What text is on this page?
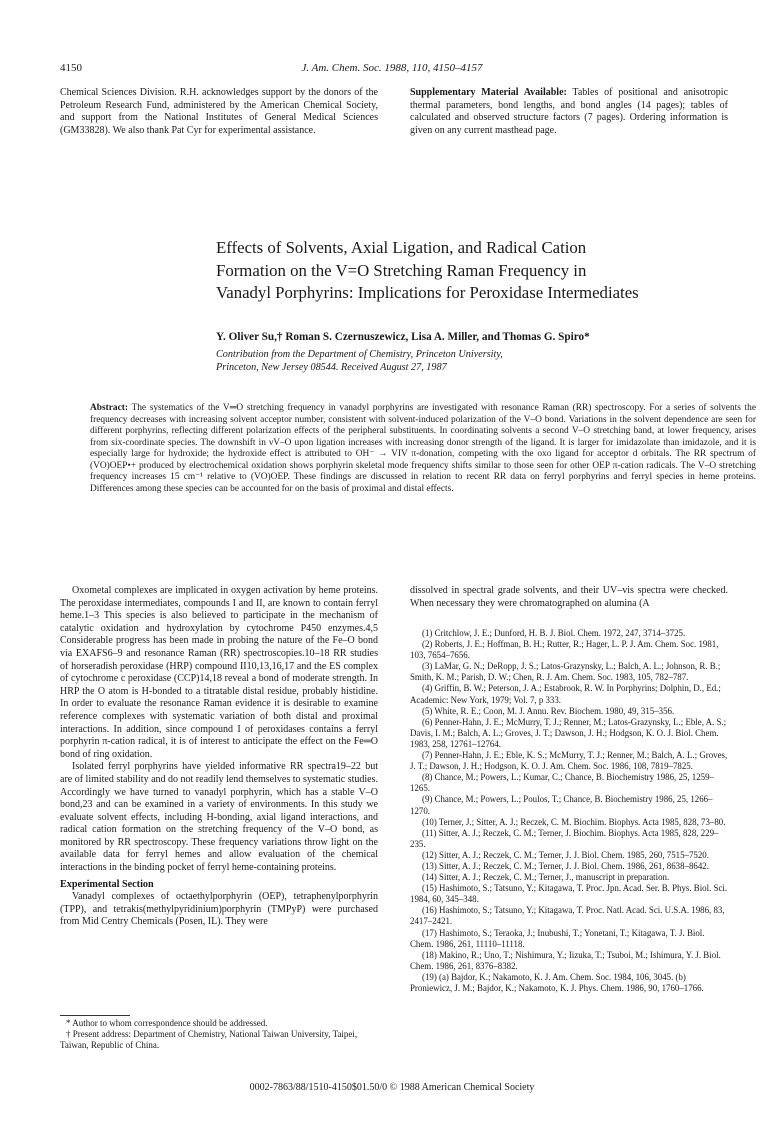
4150	J. Am. Chem. Soc. 1988, 110, 4150–4157
Chemical Sciences Division. R.H. acknowledges support by the donors of the Petroleum Research Fund, administered by the American Chemical Society, and support from the National Institutes of General Medical Sciences (GM33828). We also thank Pat Cyr for experimental assistance.
Supplementary Material Available: Tables of positional and anisotropic thermal parameters, bond lengths, and bond angles (14 pages); tables of calculated and observed structure factors (7 pages). Ordering information is given on any current masthead page.
Effects of Solvents, Axial Ligation, and Radical Cation
Formation on the V=O Stretching Raman Frequency in
Vanadyl Porphyrins: Implications for Peroxidase Intermediates
Y. Oliver Su,† Roman S. Czernuszewicz, Lisa A. Miller, and Thomas G. Spiro*
Contribution from the Department of Chemistry, Princeton University,
Princeton, New Jersey 08544. Received August 27, 1987
Abstract: The systematics of the V═O stretching frequency in vanadyl porphyrins are investigated with resonance Raman (RR) spectroscopy. For a series of solvents the frequency decreases with increasing solvent acceptor number, consistent with solvent-induced polarization of the V–O bond. Variations in the solvent dependence are seen for different porphyrins, reflecting different polarization effects of the peripheral substituents. In coordinating solvents a second V–O stretching band, at lower frequency, arises from six-coordinate species. The downshift in νV–O upon ligation increases with increasing donor strength of the ligand. It is larger for imidazolate than imidazole, and it is especially large for hydroxide; the hydroxide effect is attributed to OH⁻ → VIV π-donation, competing with the oxo ligand for acceptor d orbitals. The RR spectrum of (VO)OEP•+ produced by electrochemical oxidation shows porphyrin skeletal mode frequency shifts similar to those seen for other OEP π-cation radicals. The V–O stretching frequency increases 15 cm⁻¹ relative to (VO)OEP. These findings are discussed in relation to recent RR data on ferryl porphyrins and ferryl species in heme proteins. Differences among these species can be accounted for on the basis of proximal and distal effects.

Oxometal complexes are implicated in oxygen activation by heme proteins. The peroxidase intermediates, compounds I and II, are known to contain ferryl heme.1–3 This species is also believed to participate in the mechanism of catalytic oxidation and hydroxylation by cytochrome P450 enzymes.4,5 Considerable progress has been made in probing the nature of the Fe–O bond via EXAFS6–9 and resonance Raman (RR) spectroscopies.10–18 RR studies of horseradish peroxidase (HRP) compound II10,13,16,17 and the ES complex of cytochrome c peroxidase (CCP)14,18 reveal a bond of moderate strength. In HRP the O atom is H-bonded to a titratable distal residue, probably histidine. In order to evaluate the resonance Raman evidence it is desirable to examine reference complexes with systematic variation of both distal and proximal interactions. In addition, since compound I of peroxidases contains a ferryl porphyrin π-cation radical, it is of interest to anticipate the effect on the Fe═O bond of ring oxidation.

Isolated ferryl porphyrins have yielded informative RR spectra19–22 but are of limited stability and do not readily lend themselves to systematic studies. Accordingly we have turned to vanadyl porphyrin, which has a stable V–O bond,23 and can be examined in a variety of environments. In this study we evaluate solvent effects, including H-bonding, axial ligand interactions, and radical cation formation on the stretching frequency of the V–O bond, as monitored by RR spectroscopy. These frequency variations throw light on the available data for ferryl hemes and allow evaluation of the chemical interactions in the binding pocket of ferryl heme-containing proteins.

Experimental Section

Vanadyl complexes of octaethylporphyrin (OEP), tetraphenylporphyrin (TPP), and tetrakis(methylpyridinium)porphyrin (TMPyP) were purchased from Mid Centry Chemicals (Posen, IL). They were

* Author to whom correspondence should be addressed.
† Present address: Department of Chemistry, National Taiwan University, Taipei, Taiwan, Republic of China.
dissolved in spectral grade solvents, and their UV–vis spectra were checked. When necessary they were chromatographed on alumina (A

(1) Critchlow, J. E.; Dunford, H. B. J. Biol. Chem. 1972, 247, 3714–3725.

(2) Roberts, J. E.; Hoffman, B. H.; Rutter, R.; Hager, L. P. J. Am. Chem. Soc. 1981, 103, 7654–7656.

(3) LaMar, G. N.; DeRopp, J. S.; Latos-Grazynsky, L.; Balch, A. L.; Johnson, R. B.; Smith, K. M.; Parish, D. W.; Chen, R. J. Am. Chem. Soc. 1983, 105, 782–787.

(4) Griffin, B. W.; Peterson, J. A.; Estabrook, R. W. In Porphyrins; Dolphin, D., Ed.; Academic: New York, 1979; Vol. 7, p 333.

(5) White, R. E.; Coon, M. J. Annu. Rev. Biochem. 1980, 49, 315–356.

(6) Penner-Hahn, J. E.; McMurry, T. J.; Renner, M.; Latos-Grazynsky, L.; Eble, A. S.; Davis, I. M.; Balch, A. L.; Groves, J. T.; Dawson, J. H.; Hodgson, K. O. J. Biol. Chem. 1983, 258, 12761–12764.

(7) Penner-Hahn, J. E.; Eble, K. S.; McMurry, T. J.; Renner, M.; Balch, A. L.; Groves, J. T.; Dawson, J. H.; Hodgson, K. O. J. Am. Chem. Soc. 1986, 108, 7819–7825.

(8) Chance, M.; Powers, L.; Kumar, C.; Chance, B. Biochemistry 1986, 25, 1259–1265.

(9) Chance, M.; Powers, L.; Poulos, T.; Chance, B. Biochemistry 1986, 25, 1266–1270.

(10) Terner, J.; Sitter, A. J.; Reczek, C. M. Biochim. Biophys. Acta 1985, 828, 73–80.

(11) Sitter, A. J.; Reczek, C. M.; Terner, J. Biochim. Biophys. Acta 1985, 828, 229–235.

(12) Sitter, A. J.; Reczek, C. M.; Terner, J. J. Biol. Chem. 1985, 260, 7515–7520.

(13) Sitter, A. J.; Reczek, C. M.; Terner, J. J. Biol. Chem. 1986, 261, 8638–8642.

(14) Sitter, A. J.; Reczek, C. M.; Terner, J., manuscript in preparation.

(15) Hashimoto, S.; Tatsuno, Y.; Kitagawa, T. Proc. Jpn. Acad. Ser. B. Phys. Biol. Sci. 1984, 60, 345–348.

(16) Hashimoto, S.; Tatsuno, Y.; Kitagawa, T. Proc. Natl. Acad. Sci. U.S.A. 1986, 83, 2417–2421.

(17) Hashimoto, S.; Teraoka, J.; Inubushi, T.; Yonetani, T.; Kitagawa, T. J. Biol. Chem. 1986, 261, 11110–11118.

(18) Makino, R.; Uno, T.; Nishimura, Y.; Iizuka, T.; Tsuboi, M.; Ishimura, Y. J. Biol. Chem. 1986, 261, 8376–8382.

(19) (a) Bajdor, K.; Nakamoto, K. J. Am. Chem. Soc. 1984, 106, 3045. (b) Proniewicz, J. M.; Bajdor, K.; Nakamoto, K. J. Phys. Chem. 1986, 90, 1760–1766.

0002-7863/88/1510-4150$01.50/0 © 1988 American Chemical Society
